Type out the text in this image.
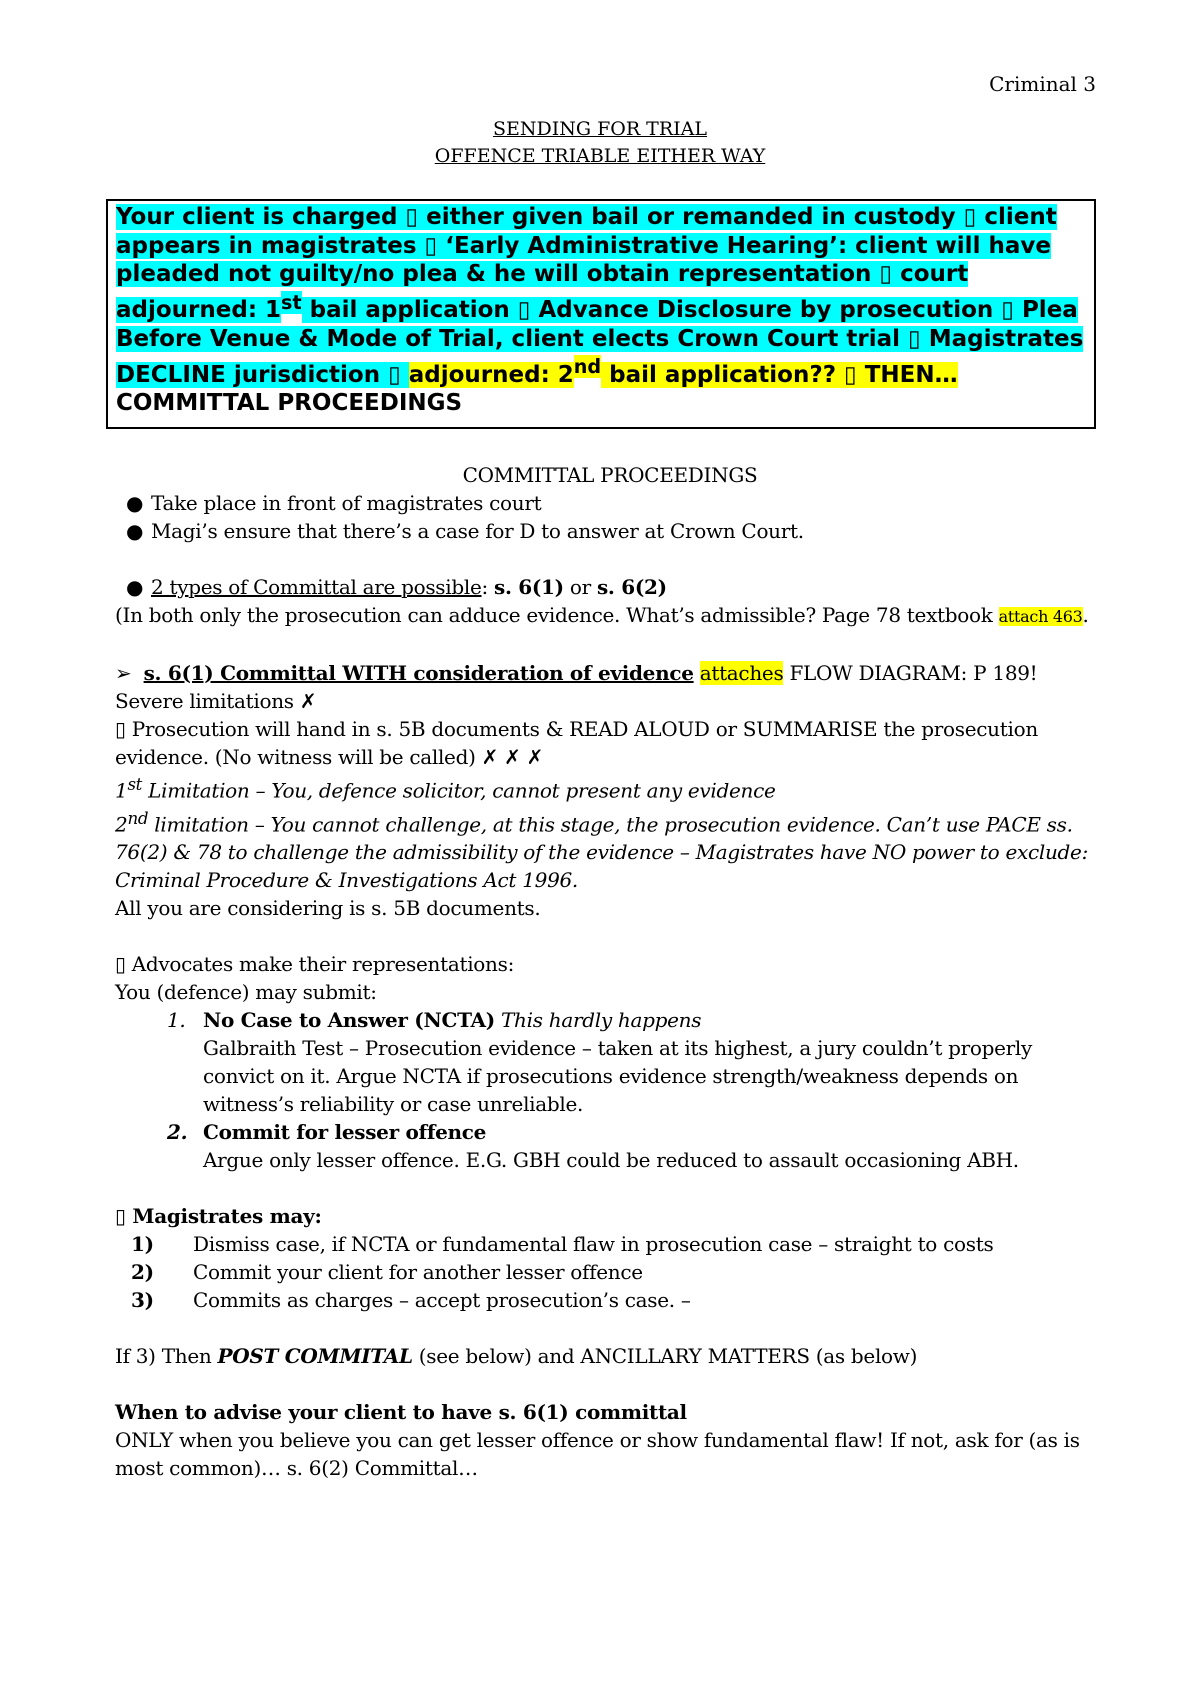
Criminal 3
SENDING FOR TRIAL
OFFENCE TRIABLE EITHER WAY
Your client is charged ▯ either given bail or remanded in custody ▯ client appears in magistrates ▯ ‘Early Administrative Hearing’: client will have pleaded not guilty/no plea & he will obtain representation ▯ court adjourned: 1st bail application ▯ Advance Disclosure by prosecution ▯ Plea Before Venue & Mode of Trial, client elects Crown Court trial ▯ Magistrates DECLINE jurisdiction ▯ adjourned: 2nd bail application?? ▯ THEN…
COMMITTAL PROCEEDINGS
COMMITTAL PROCEEDINGS
● Take place in front of magistrates court
● Magi’s ensure that there’s a case for D to answer at Crown Court.
● 2 types of Committal are possible: s. 6(1) or s. 6(2)
(In both only the prosecution can adduce evidence. What’s admissible? Page 78 textbook attach 463.
➢ s. 6(1) Committal WITH consideration of evidence attaches FLOW DIAGRAM: P 189!
Severe limitations ✗
▯ Prosecution will hand in s. 5B documents & READ ALOUD or SUMMARISE the prosecution evidence. (No witness will be called) ✗ ✗ ✗
1st Limitation – You, defence solicitor, cannot present any evidence
2nd limitation – You cannot challenge, at this stage, the prosecution evidence. Can’t use PACE ss. 76(2) & 78 to challenge the admissibility of the evidence – Magistrates have NO power to exclude: Criminal Procedure & Investigations Act 1996.
All you are considering is s. 5B documents.
▯ Advocates make their representations:
You (defence) may submit:
1. No Case to Answer (NCTA) This hardly happens
Galbraith Test – Prosecution evidence – taken at its highest, a jury couldn’t properly convict on it. Argue NCTA if prosecutions evidence strength/weakness depends on witness’s reliability or case unreliable.
2. Commit for lesser offence
Argue only lesser offence. E.G. GBH could be reduced to assault occasioning ABH.
▯ Magistrates may:
1) Dismiss case, if NCTA or fundamental flaw in prosecution case – straight to costs
2) Commit your client for another lesser offence
3) Commits as charges – accept prosecution’s case. –
If 3) Then POST COMMITAL (see below) and ANCILLARY MATTERS (as below)
When to advise your client to have s. 6(1) committal
ONLY when you believe you can get lesser offence or show fundamental flaw! If not, ask for (as is most common)… s. 6(2) Committal…
